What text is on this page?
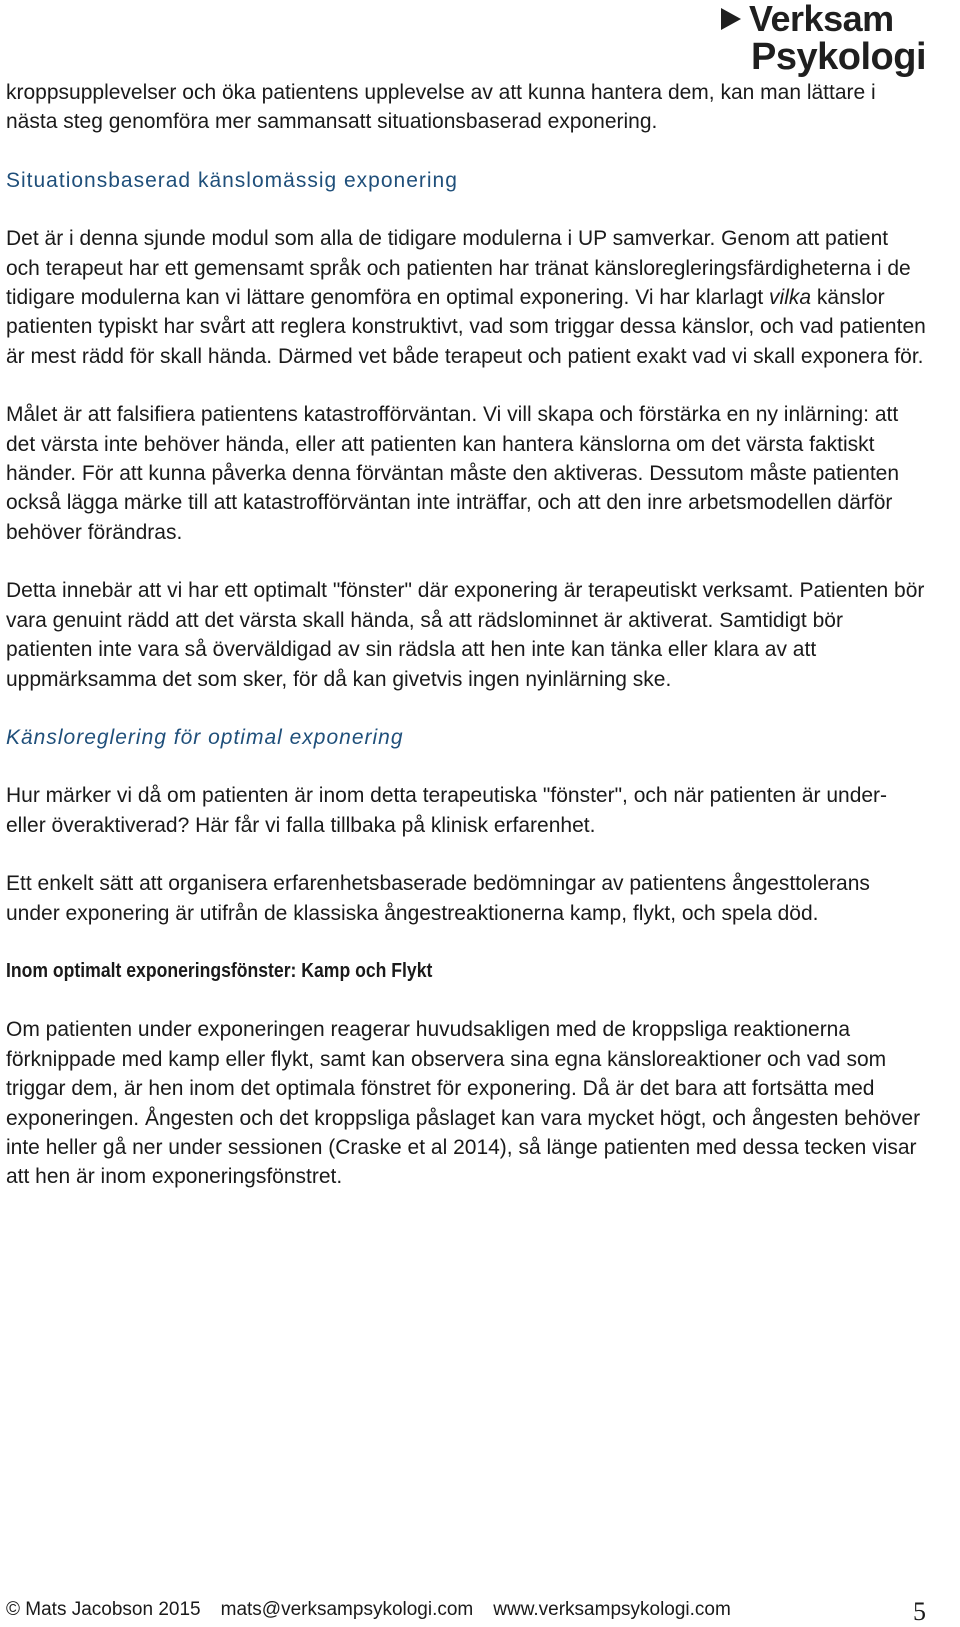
Verksam
Psykologi

kroppsupplevelser och öka patientens upplevelse av att kunna hantera dem, kan man lättare i nästa steg genomföra mer sammansatt situationsbaserad exponering.

Situationsbaserad känslomässig exponering

Det är i denna sjunde modul som alla de tidigare modulerna i UP samverkar. Genom att patient och terapeut har ett gemensamt språk och patienten har tränat känsloregleringsfärdigheterna i de tidigare modulerna kan vi lättare genomföra en optimal exponering. Vi har klarlagt vilka känslor patienten typiskt har svårt att reglera konstruktivt, vad som triggar dessa känslor, och vad patienten är mest rädd för skall hända. Därmed vet både terapeut och patient exakt vad vi skall exponera för.

Målet är att falsifiera patientens katastrofförväntan. Vi vill skapa och förstärka en ny inlärning: att det värsta inte behöver hända, eller att patienten kan hantera känslorna om det värsta faktiskt händer. För att kunna påverka denna förväntan måste den aktiveras. Dessutom måste patienten också lägga märke till att katastrofförväntan inte inträffar, och att den inre arbetsmodellen därför behöver förändras.

Detta innebär att vi har ett optimalt "fönster" där exponering är terapeutiskt verksamt. Patienten bör vara genuint rädd att det värsta skall hända, så att rädslominnet är aktiverat. Samtidigt bör patienten inte vara så överväldigad av sin rädsla att hen inte kan tänka eller klara av att uppmärksamma det som sker, för då kan givetvis ingen nyinlärning ske.

Känsloreglering för optimal exponering

Hur märker vi då om patienten är inom detta terapeutiska "fönster", och när patienten är under- eller överaktiverad? Här får vi falla tillbaka på klinisk erfarenhet.

Ett enkelt sätt att organisera erfarenhetsbaserade bedömningar av patientens ångesttolerans under exponering är utifrån de klassiska ångestreaktionerna kamp, flykt, och spela död.

Inom optimalt exponeringsfönster: Kamp och Flykt

Om patienten under exponeringen reagerar huvudsakligen med de kroppsliga reaktionerna förknippade med kamp eller flykt, samt kan observera sina egna känsloreaktioner och vad som triggar dem, är hen inom det optimala fönstret för exponering. Då är det bara att fortsätta med exponeringen. Ångesten och det kroppsliga påslaget kan vara mycket högt, och ångesten behöver inte heller gå ner under sessionen (Craske et al 2014), så länge patienten med dessa tecken visar att hen är inom exponeringsfönstret.

© Mats Jacobson 2015 mats@verksampsykologi.com www.verksampsykologi.com	5
